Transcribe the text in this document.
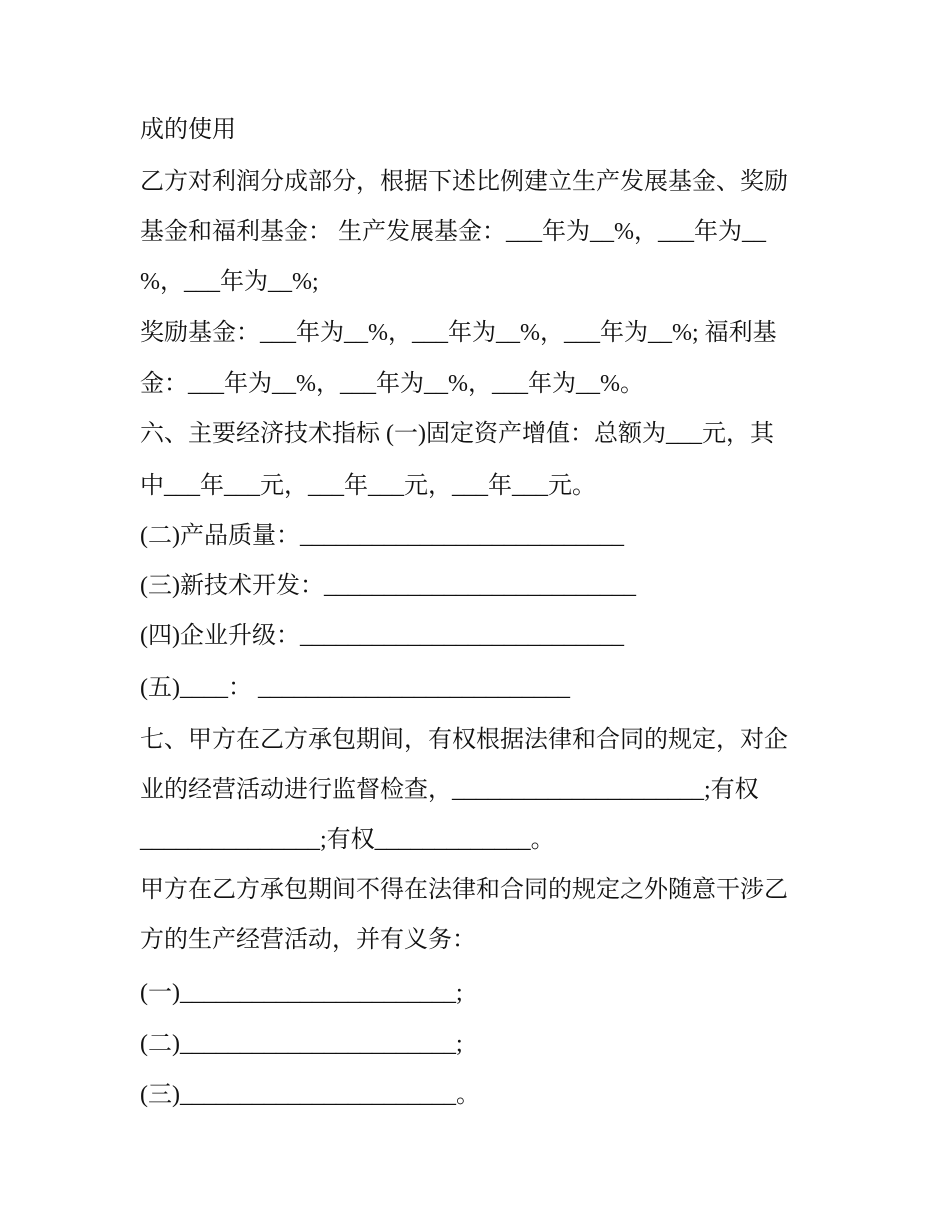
成的使用
乙方对利润分成部分，根据下述比例建立生产发展基金、奖励
基金和福利基金： 生产发展基金：___年为__%，___年为__
%，___年为__%;
奖励基金：___年为__%，___年为__%，___年为__%; 福利基
金：___年为__%，___年为__%，___年为__%。
六、主要经济技术指标 (一)固定资产增值：总额为___元，其
中___年___元，___年___元，___年___元。
(二)产品质量：___________________________
(三)新技术开发：__________________________
(四)企业升级：___________________________
(五)____： __________________________
七、甲方在乙方承包期间，有权根据法律和合同的规定，对企
业的经营活动进行监督检查，_____________________;有权
_______________;有权_____________。
甲方在乙方承包期间不得在法律和合同的规定之外随意干涉乙
方的生产经营活动，并有义务：
(一)_______________________;
(二)_______________________;
(三)_______________________。
